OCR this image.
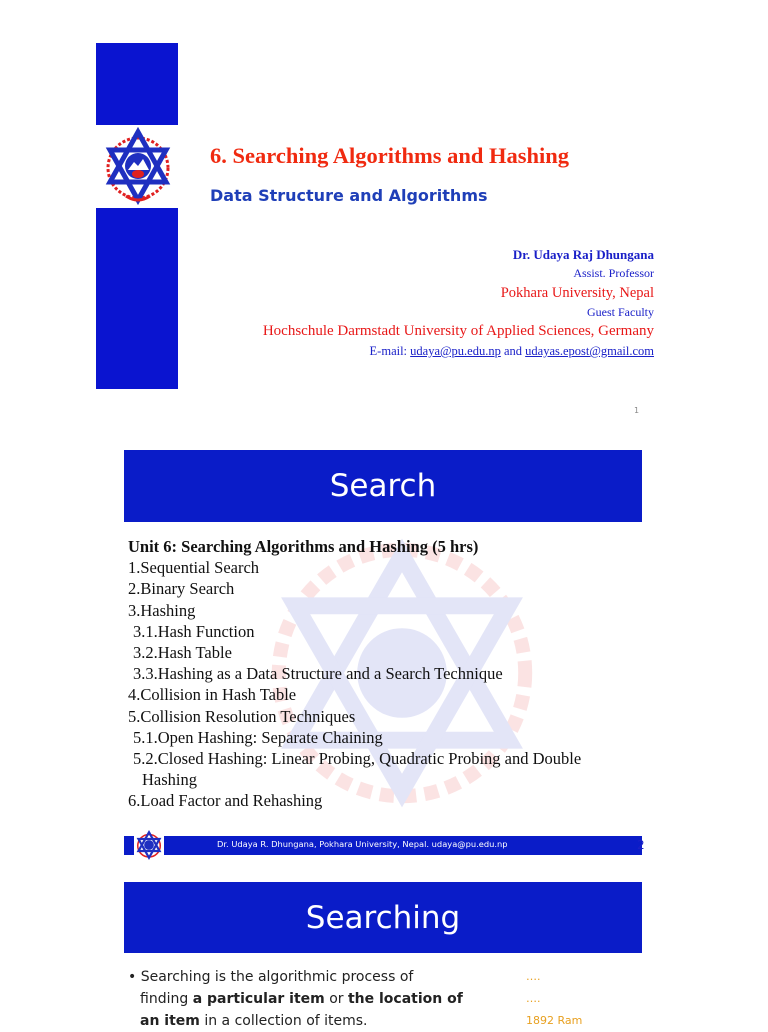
6. Searching Algorithms and Hashing
Data Structure and Algorithms
Dr. Udaya Raj Dhungana
Assist. Professor
Pokhara University, Nepal
Guest Faculty
Hochschule Darmstadt University of Applied Sciences, Germany
E-mail: udaya@pu.edu.np and udayas.epost@gmail.com
1
Search
Unit 6: Searching Algorithms and Hashing (5 hrs)
1.Sequential Search
2.Binary Search
3.Hashing
3.1.Hash Function
3.2.Hash Table
3.3.Hashing as a Data Structure and a Search Technique
4.Collision in Hash Table
5.Collision Resolution Techniques
5.1.Open Hashing: Separate Chaining
5.2.Closed Hashing: Linear Probing, Quadratic Probing and Double
Hashing
6.Load Factor and Rehashing
Dr. Udaya R. Dhungana, Pokhara University, Nepal. udaya@pu.edu.np	2
Searching
• Searching is the algorithmic process of
finding a particular item or the location of
an item in a collection of items.
….
….
1892 Ram
